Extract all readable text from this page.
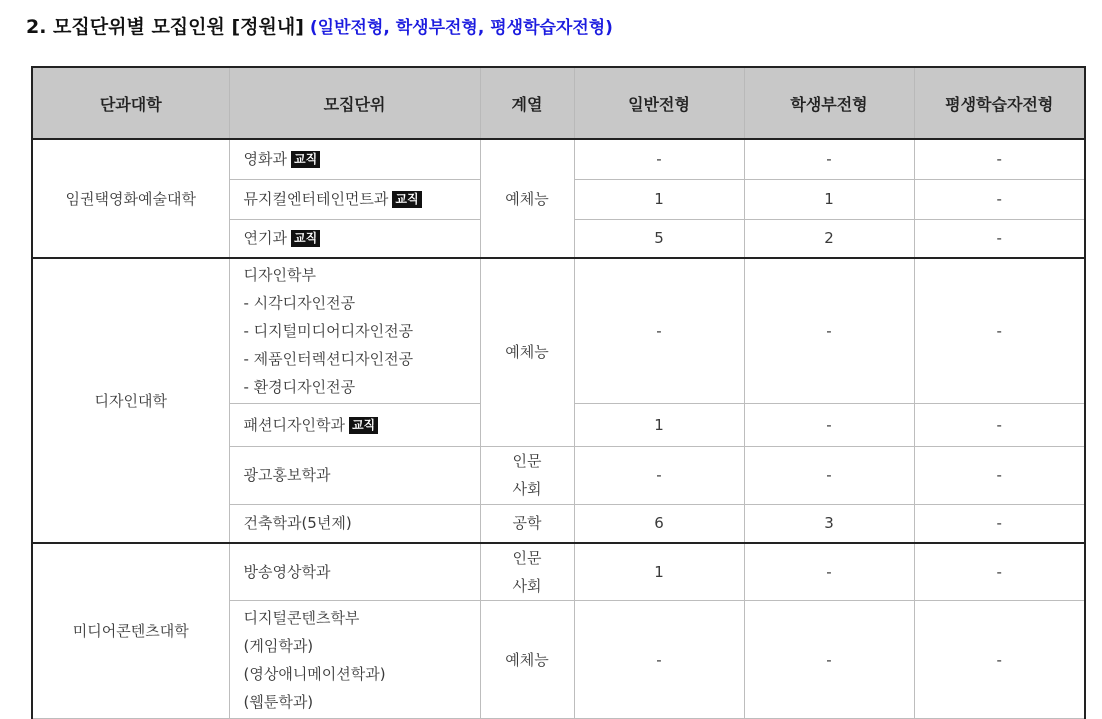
2. 모집단위별 모집인원 [정원내] (일반전형, 학생부전형, 평생학습자전형)
단과대학	모집단위	계열	일반전형	학생부전형	평생학습자전형
임권택영화예술대학	영화과 교직	예체능	-	-	-
	뮤지컬엔터테인먼트과 교직		1	1	-
	연기과 교직		5	2	-
디자인대학	디자인학부
- 시각디자인전공
- 디지털미디어디자인전공
- 제품인터렉션디자인전공
- 환경디자인전공	예체능	-	-	-
	패션디자인학과 교직		1	-	-
	광고홍보학과	인문
사회	-	-	-
	건축학과(5년제)	공학	6	3	-
미디어콘텐츠대학	방송영상학과	인문
사회	1	-	-

	디지털콘텐츠학부
(게임학과)
(영상애니메이션학과)
(웹툰학과)	예체능	-	-	-
